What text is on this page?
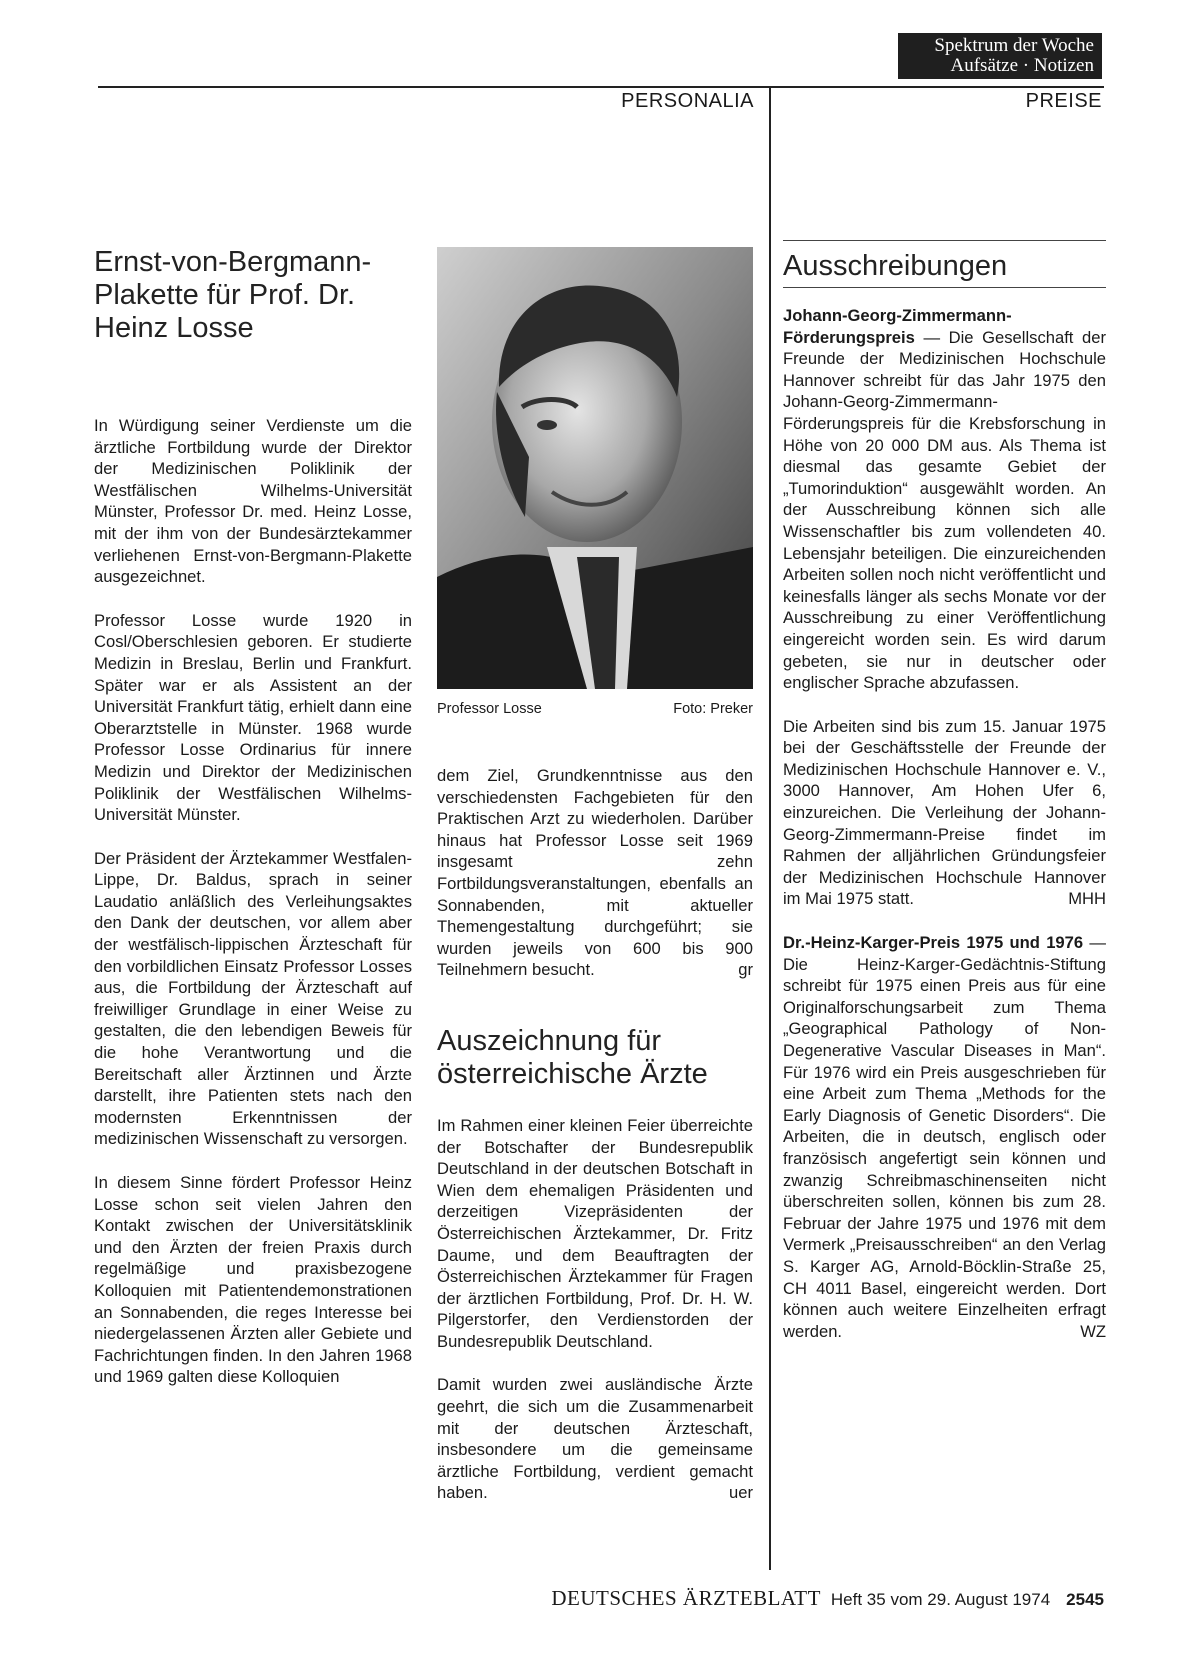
Spektrum der Woche
Aufsätze · Notizen
PERSONALIA	PREISE
Ernst-von-Bergmann-Plakette für Prof. Dr. Heinz Losse

In Würdigung seiner Verdienste um die ärztliche Fortbildung wurde der Direktor der Medizinischen Poliklinik der Westfälischen Wilhelms-Universität Münster, Professor Dr. med. Heinz Losse, mit der ihm von der Bundesärztekammer verliehenen Ernst-von-Bergmann-Plakette ausgezeichnet.

Professor Losse wurde 1920 in Cosl/Oberschlesien geboren. Er studierte Medizin in Breslau, Berlin und Frankfurt. Später war er als Assistent an der Universität Frankfurt tätig, erhielt dann eine Oberarztstelle in Münster. 1968 wurde Professor Losse Ordinarius für innere Medizin und Direktor der Medizinischen Poliklinik der Westfälischen Wilhelms-Universität Münster.

Der Präsident der Ärztekammer Westfalen-Lippe, Dr. Baldus, sprach in seiner Laudatio anläßlich des Verleihungsaktes den Dank der deutschen, vor allem aber der westfälisch-lippischen Ärzteschaft für den vorbildlichen Einsatz Professor Losses aus, die Fortbildung der Ärzteschaft auf freiwilliger Grundlage in einer Weise zu gestalten, die den lebendigen Beweis für die hohe Verantwortung und die Bereitschaft aller Ärztinnen und Ärzte darstellt, ihre Patienten stets nach den modernsten Erkenntnissen der medizinischen Wissenschaft zu versorgen.

In diesem Sinne fördert Professor Heinz Losse schon seit vielen Jahren den Kontakt zwischen der Universitätsklinik und den Ärzten der freien Praxis durch regelmäßige und praxisbezogene Kolloquien mit Patientendemonstrationen an Sonnabenden, die reges Interesse bei niedergelassenen Ärzten aller Gebiete und Fachrichtungen finden. In den Jahren 1968 und 1969 galten diese Kolloquien

Professor Losse	Foto: Preker

dem Ziel, Grundkenntnisse aus den verschiedensten Fachgebieten für den Praktischen Arzt zu wiederholen. Darüber hinaus hat Professor Losse seit 1969 insgesamt zehn Fortbildungsveranstaltungen, ebenfalls an Sonnabenden, mit aktueller Themengestaltung durchgeführt; sie wurden jeweils von 600 bis 900 Teilnehmern besucht.	gr

Auszeichnung für österreichische Ärzte

Im Rahmen einer kleinen Feier überreichte der Botschafter der Bundesrepublik Deutschland in der deutschen Botschaft in Wien dem ehemaligen Präsidenten und derzeitigen Vizepräsidenten der Österreichischen Ärztekammer, Dr. Fritz Daume, und dem Beauftragten der Österreichischen Ärztekammer für Fragen der ärztlichen Fortbildung, Prof. Dr. H. W. Pilgerstorfer, den Verdienstorden der Bundesrepublik Deutschland.

Damit wurden zwei ausländische Ärzte geehrt, die sich um die Zusammenarbeit mit der deutschen Ärzteschaft, insbesondere um die gemeinsame ärztliche Fortbildung, verdient gemacht haben.	uer

Ausschreibungen

Johann-Georg-Zimmermann-Förderungspreis — Die Gesellschaft der Freunde der Medizinischen Hochschule Hannover schreibt für das Jahr 1975 den Johann-Georg-Zimmermann-Förderungspreis für die Krebsforschung in Höhe von 20 000 DM aus. Als Thema ist diesmal das gesamte Gebiet der „Tumorinduktion“ ausgewählt worden. An der Ausschreibung können sich alle Wissenschaftler bis zum vollendeten 40. Lebensjahr beteiligen. Die einzureichenden Arbeiten sollen noch nicht veröffentlicht und keinesfalls länger als sechs Monate vor der Ausschreibung zu einer Veröffentlichung eingereicht worden sein. Es wird darum gebeten, sie nur in deutscher oder englischer Sprache abzufassen.

Die Arbeiten sind bis zum 15. Januar 1975 bei der Geschäftsstelle der Freunde der Medizinischen Hochschule Hannover e. V., 3000 Hannover, Am Hohen Ufer 6, einzureichen. Die Verleihung der Johann-Georg-Zimmermann-Preise findet im Rahmen der alljährlichen Gründungsfeier der Medizinischen Hochschule Hannover im Mai 1975 statt.	MHH

Dr.-Heinz-Karger-Preis 1975 und 1976 — Die Heinz-Karger-Gedächtnis-Stiftung schreibt für 1975 einen Preis aus für eine Originalforschungsarbeit zum Thema „Geographical Pathology of Non-Degenerative Vascular Diseases in Man“. Für 1976 wird ein Preis ausgeschrieben für eine Arbeit zum Thema „Methods for the Early Diagnosis of Genetic Disorders“. Die Arbeiten, die in deutsch, englisch oder französisch angefertigt sein können und zwanzig Schreibmaschinenseiten nicht überschreiten sollen, können bis zum 28. Februar der Jahre 1975 und 1976 mit dem Vermerk „Preisausschreiben“ an den Verlag S. Karger AG, Arnold-Böcklin-Straße 25, CH 4011 Basel, eingereicht werden. Dort können auch weitere Einzelheiten erfragt werden.	WZ

DEUTSCHES ÄRZTEBLATT Heft 35 vom 29. August 1974 2545
